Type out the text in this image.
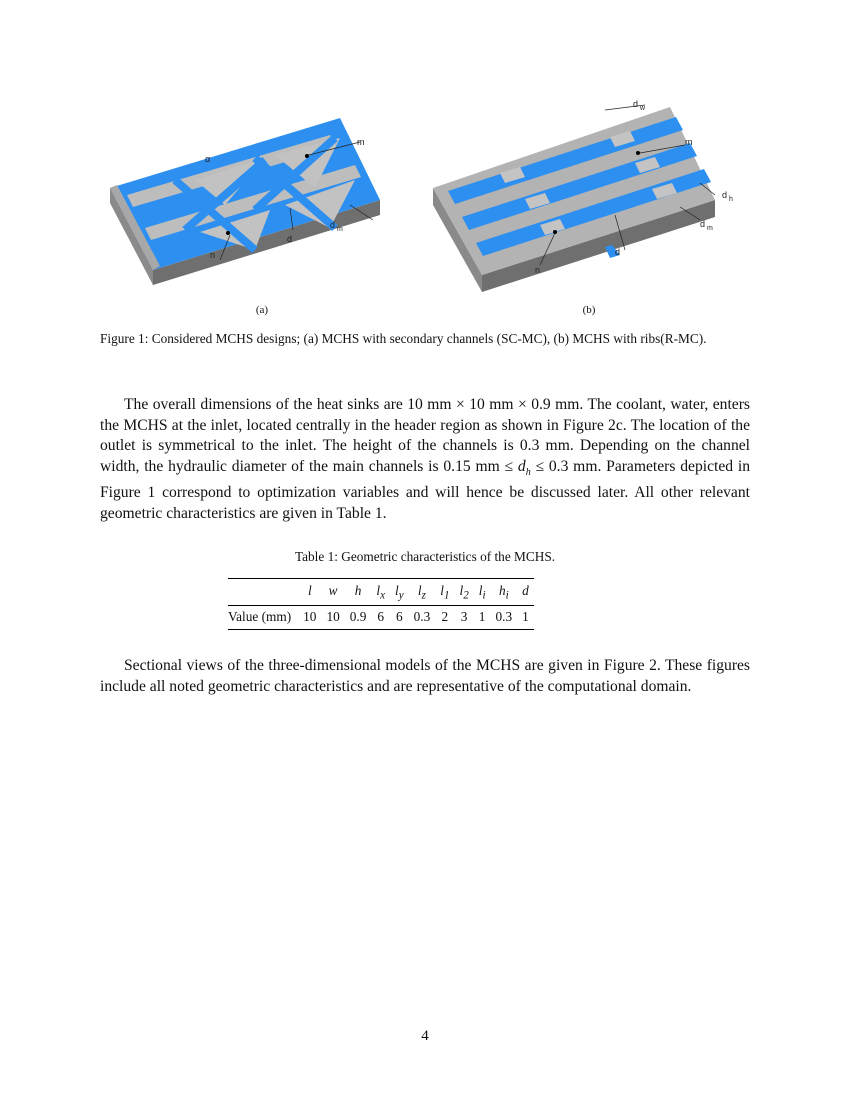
α
m
n
d
d m
d w
m
d h
n
d
d m
(a)	(b)
Figure 1: Considered MCHS designs; (a) MCHS with secondary channels (SC-MC), (b) MCHS with ribs(R-MC).

The overall dimensions of the heat sinks are 10 mm × 10 mm × 0.9 mm. The coolant, water, enters the MCHS at the inlet, located centrally in the header region as shown in Figure 2c. The location of the outlet is symmetrical to the inlet. The height of the channels is 0.3 mm. Depending on the channel width, the hydraulic diameter of the main channels is 0.15 mm ≤ $d_h \le 0.3$ mm. Parameters depicted in Figure 1 correspond to optimization variables and will hence be discussed later. All other relevant geometric characteristics are given in Table 1.

Table 1: Geometric characteristics of the MCHS.
	l	w	h	$l_x$	$l_y$	$l_z$	$l_1$	$l_2$	$l_i$	$h_i$	d
Value (mm)	10	10	0.9	6	6	0.3	2	3	1	0.3	1

Sectional views of the three-dimensional models of the MCHS are given in Figure 2. These figures include all noted geometric characteristics and are representative of the computational domain.

4
